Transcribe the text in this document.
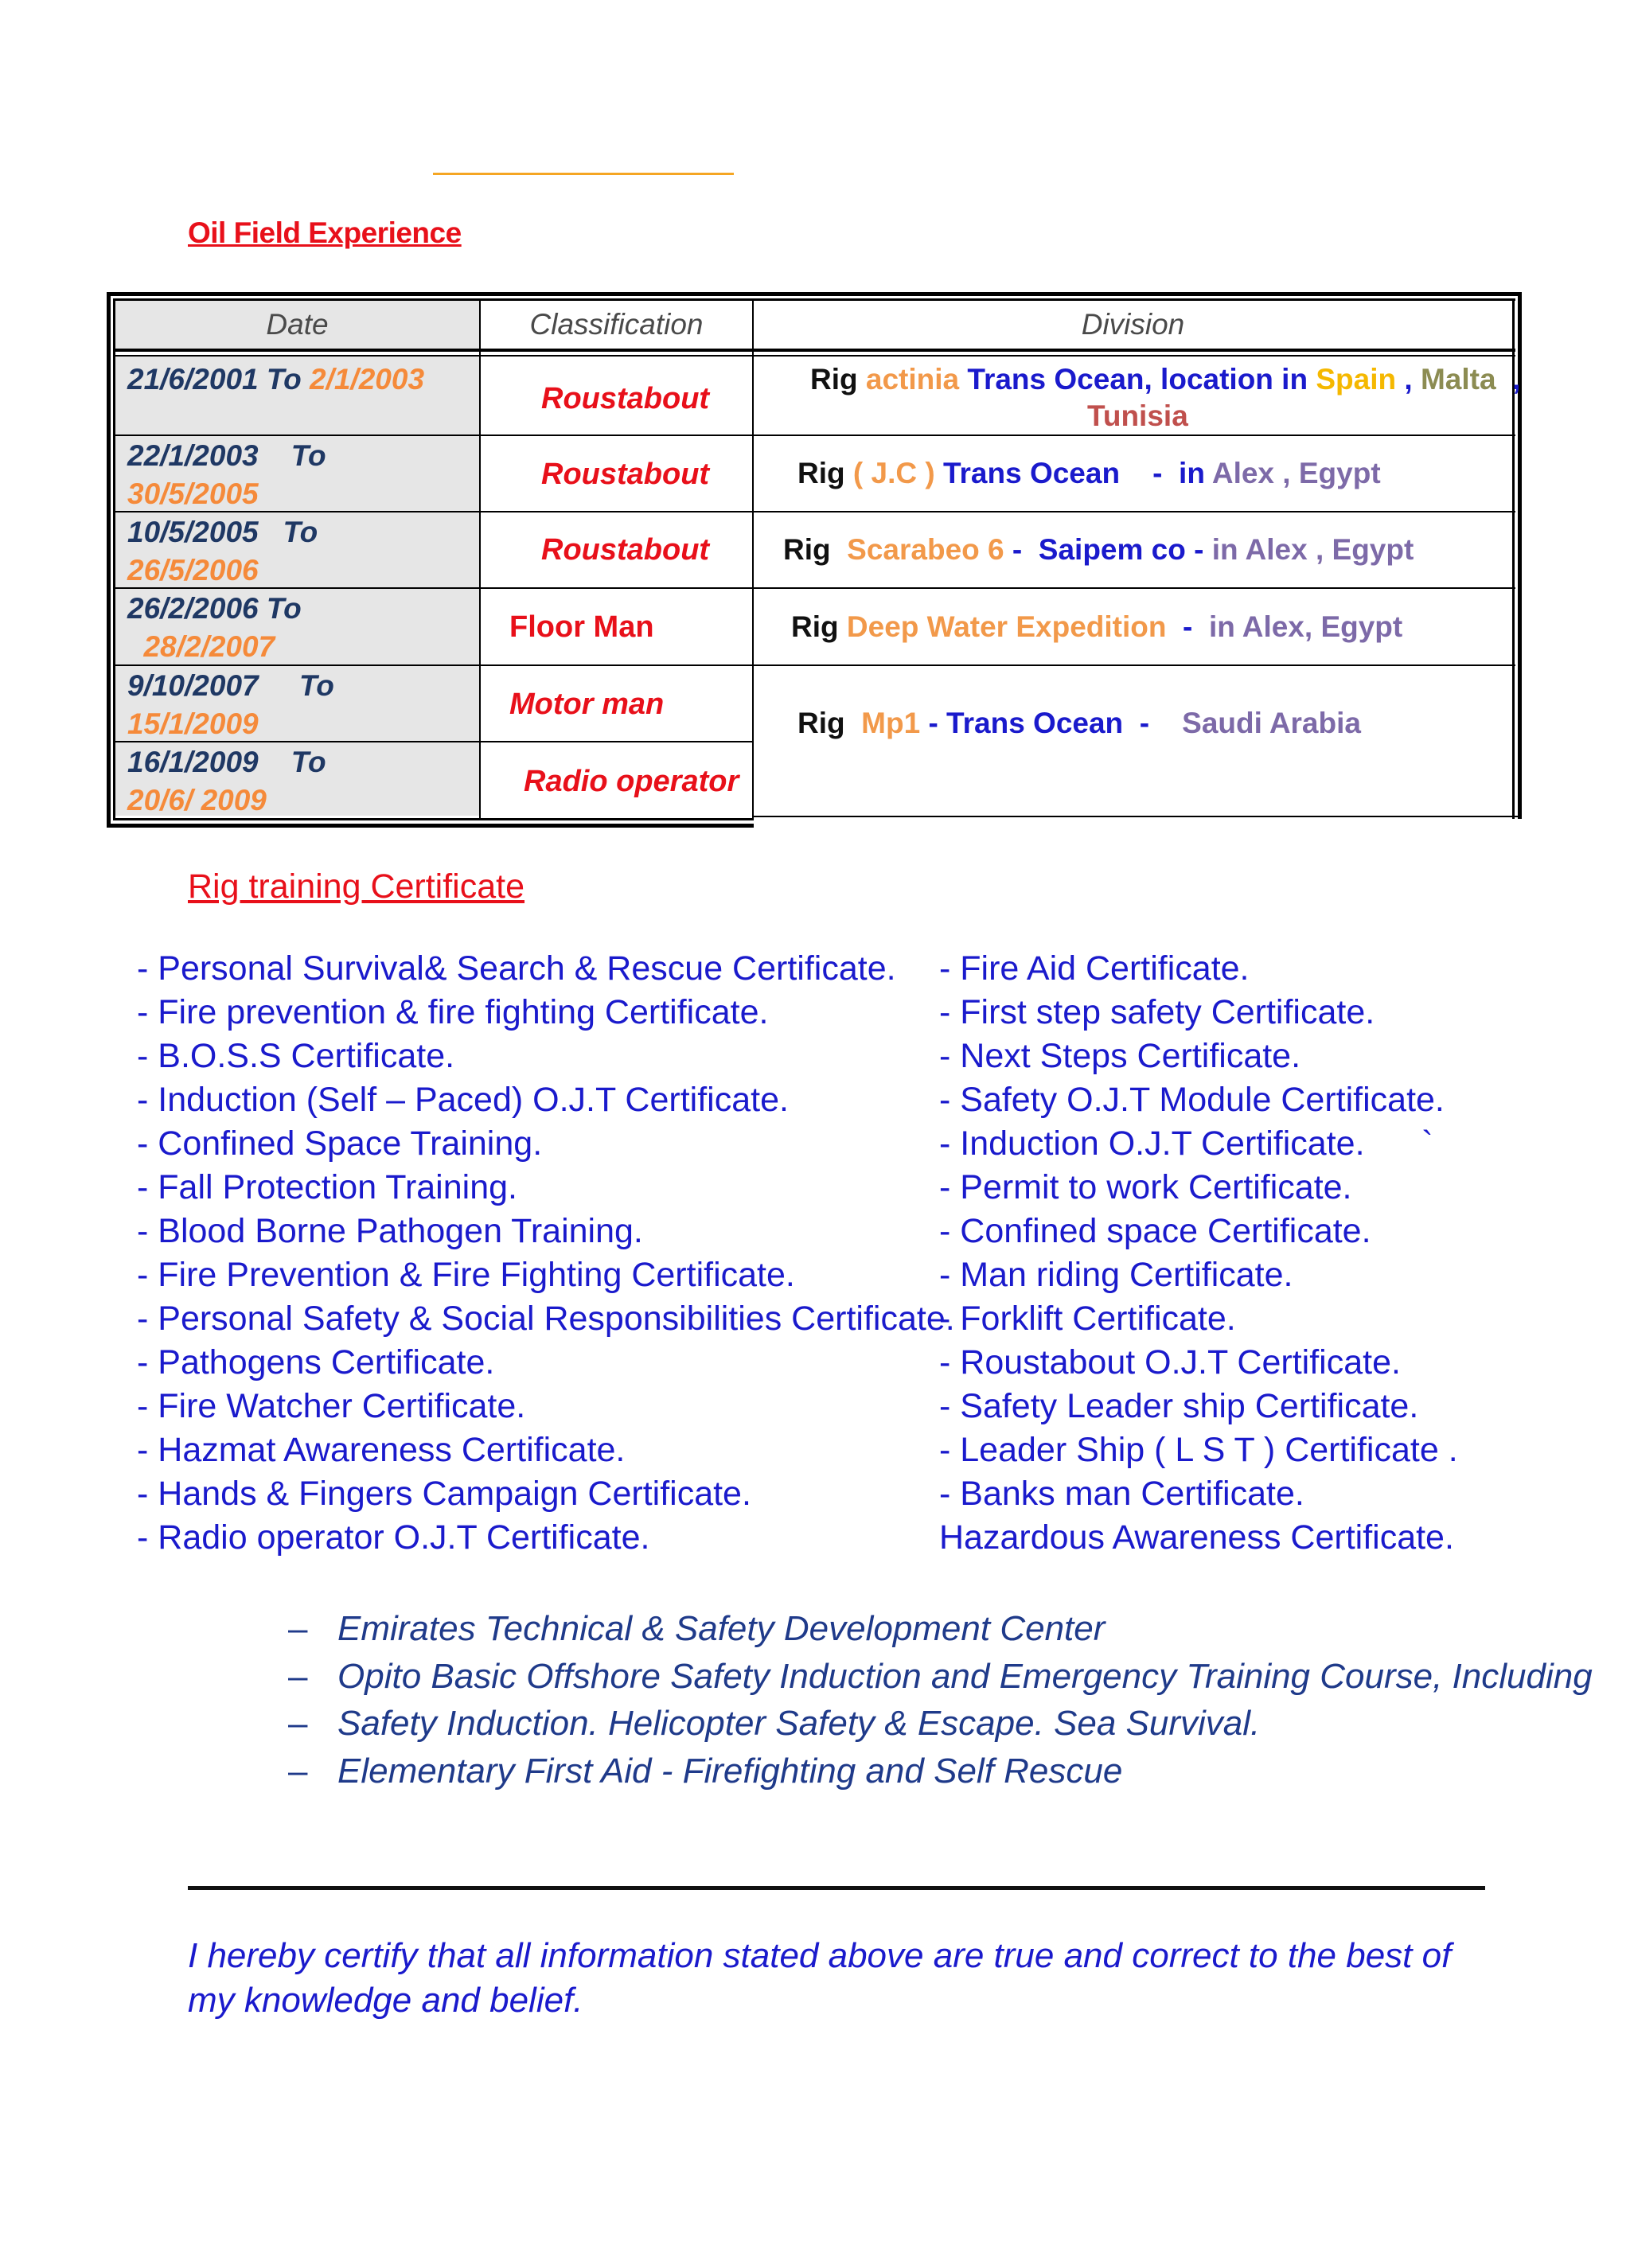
Oil Field Experience
Date	Classification	Division
21/6/2001 To 2/1/2003
22/1/2003    To
30/5/2005
10/5/2005   To
26/5/2006
26/2/2006 To
28/2/2007
9/10/2007     To
15/1/2009
16/1/2009    To
20/6/ 2009
Roustabout
Roustabout
Roustabout
Floor Man
Motor man
Radio operator
Rig actinia Trans Ocean, location in Spain , Malta  ,
Tunisia
Rig ( J.C ) Trans Ocean    -  in Alex , Egypt
Rig  Scarabeo 6 -  Saipem co - in Alex , Egypt
Rig Deep Water Expedition  -  in Alex, Egypt
Rig  Mp1 - Trans Ocean  -    Saudi Arabia
Rig training Certificate
- Personal Survival& Search & Rescue Certificate.
- Fire prevention & fire fighting Certificate.
- B.O.S.S Certificate.
- Induction (Self – Paced) O.J.T Certificate.
- Confined Space Training.
- Fall Protection Training.
- Blood Borne Pathogen Training.
- Fire Prevention & Fire Fighting Certificate.
- Personal Safety & Social Responsibilities Certificate.
- Pathogens Certificate.
- Fire Watcher Certificate.
- Hazmat Awareness Certificate.
- Hands & Fingers Campaign Certificate.
- Radio operator O.J.T Certificate.
- Fire Aid Certificate.
- First step safety Certificate.
- Next Steps Certificate.
- Safety O.J.T Module Certificate.
- Induction O.J.T Certificate.      `
- Permit to work Certificate.
- Confined space Certificate.
- Man riding Certificate.
- Forklift Certificate.
- Roustabout O.J.T Certificate.
- Safety Leader ship Certificate.
- Leader Ship ( L S T ) Certificate .
- Banks man Certificate.
Hazardous Awareness Certificate.
– Emirates Technical & Safety Development Center
– Opito Basic Offshore Safety Induction and Emergency Training Course, Including
– Safety Induction. Helicopter Safety & Escape. Sea Survival.
– Elementary First Aid - Firefighting and Self Rescue
I hereby certify that all information stated above are true and correct to the best of my knowledge and belief.
